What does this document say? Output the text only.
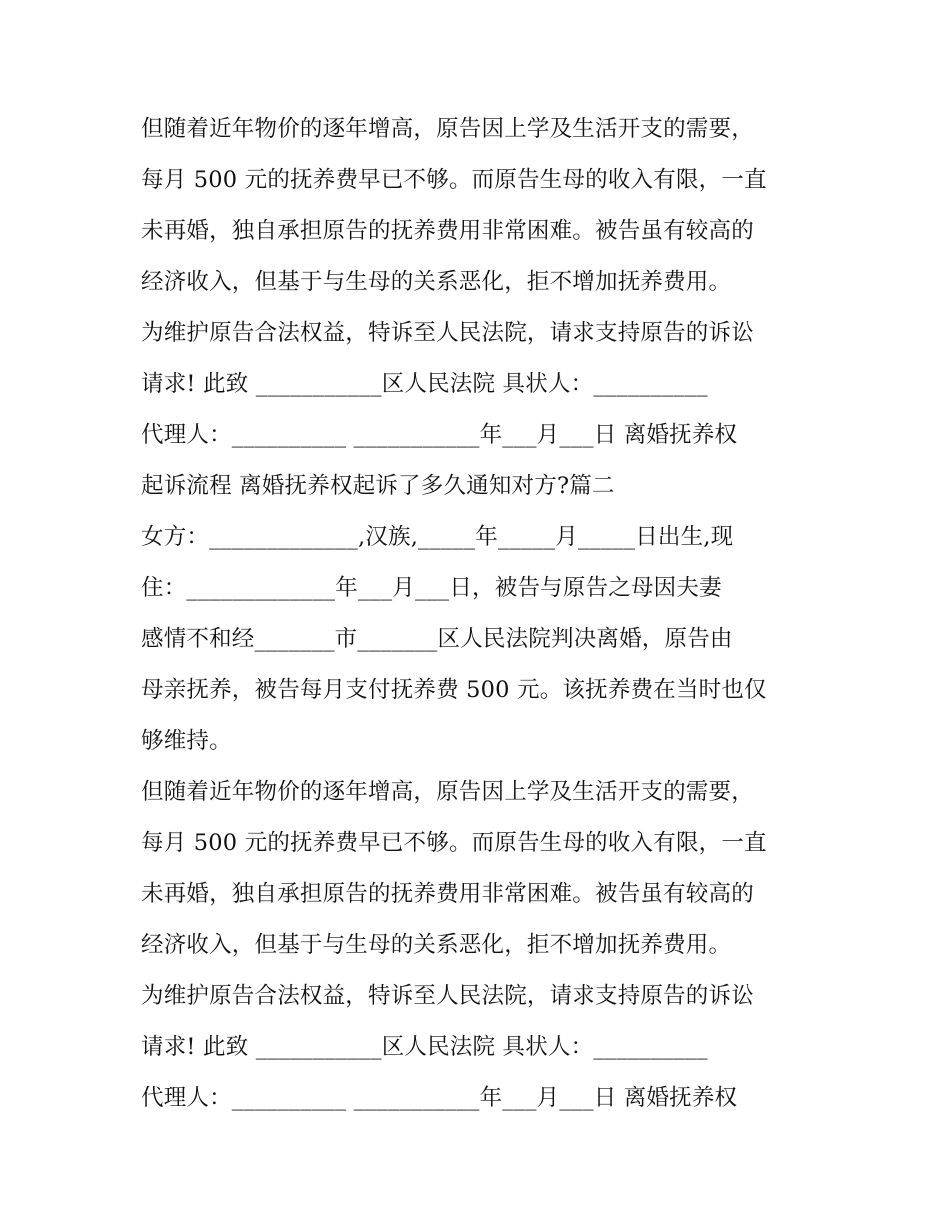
但随着近年物价的逐年增高，原告因上学及生活开支的需要，
每月 500 元的抚养费早已不够。而原告生母的收入有限，一直
未再婚，独自承担原告的抚养费用非常困难。被告虽有较高的
经济收入，但基于与生母的关系恶化，拒不增加抚养费用。
为维护原告合法权益，特诉至人民法院，请求支持原告的诉讼
请求! 此致 ___________区人民法院 具状人：__________
代理人：__________ ___________年___月___日 离婚抚养权
起诉流程 离婚抚养权起诉了多久通知对方?篇二
女方：_____________,汉族,_____年_____月_____日出生,现
住：_____________年___月___日，被告与原告之母因夫妻
感情不和经_______市_______区人民法院判决离婚，原告由
母亲抚养，被告每月支付抚养费 500 元。该抚养费在当时也仅
够维持。
但随着近年物价的逐年增高，原告因上学及生活开支的需要，
每月 500 元的抚养费早已不够。而原告生母的收入有限，一直
未再婚，独自承担原告的抚养费用非常困难。被告虽有较高的
经济收入，但基于与生母的关系恶化，拒不增加抚养费用。
为维护原告合法权益，特诉至人民法院，请求支持原告的诉讼
请求! 此致 ___________区人民法院 具状人：__________
代理人：__________ ___________年___月___日 离婚抚养权
